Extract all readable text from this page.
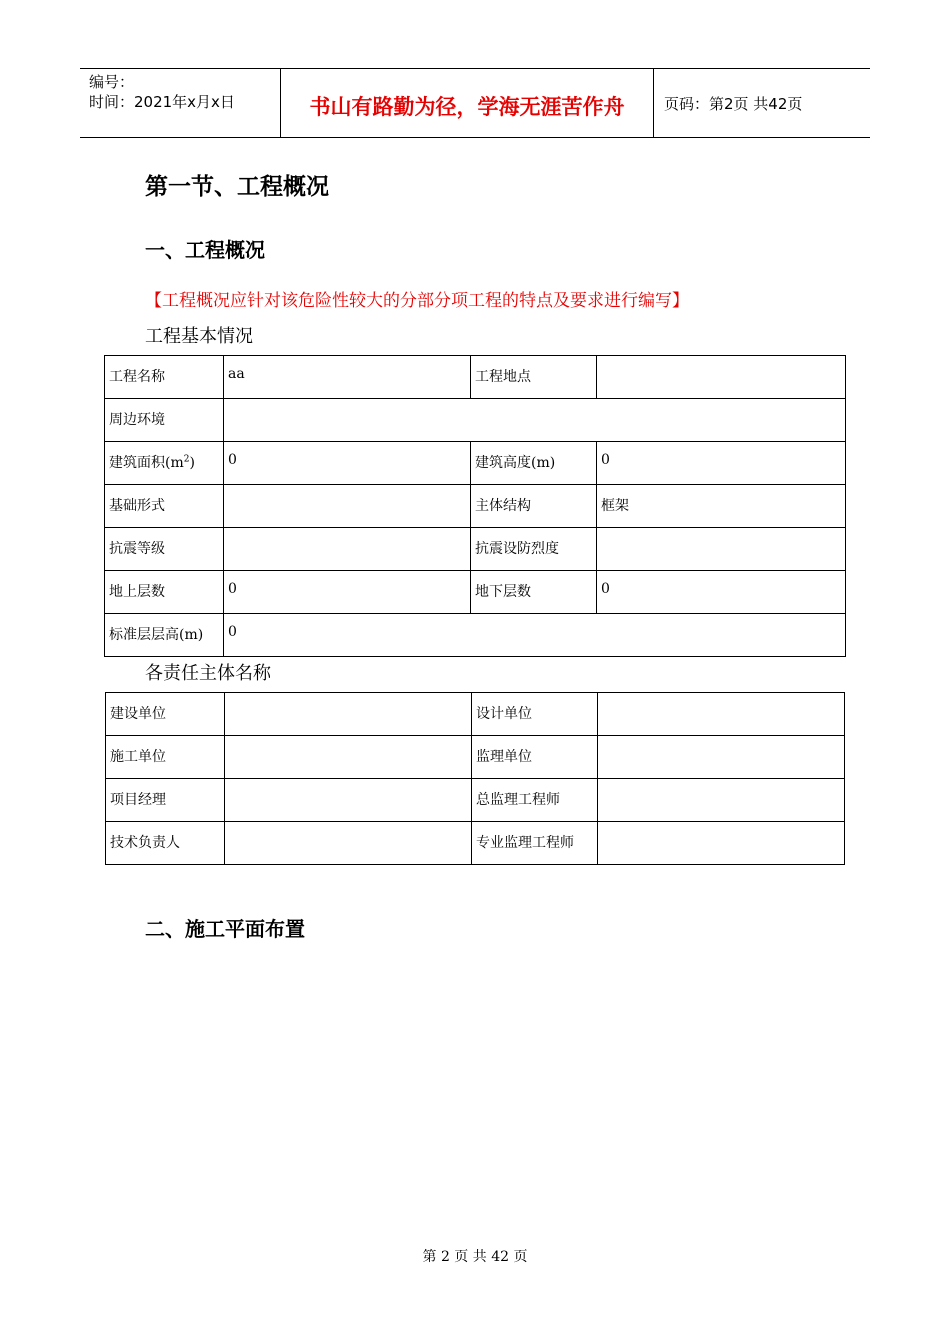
编号：
时间：2021年x月x日	书山有路勤为径，学海无涯苦作舟	页码：第2页 共42页
第一节、工程概况
一、工程概况
【工程概况应针对该危险性较大的分部分项工程的特点及要求进行编写】
工程基本情况
工程名称	aa	工程地点	
周边环境			
建筑面积$(m^2)$	0	建筑高度(m)	0
基础形式		主体结构	框架
抗震等级		抗震设防烈度	
地上层数	0	地下层数	0
标准层层高(m)	0		
各责任主体名称
建设单位		设计单位	
施工单位		监理单位	
项目经理		总监理工程师	
技术负责人		专业监理工程师	
二、施工平面布置
第 2 页 共 42 页
